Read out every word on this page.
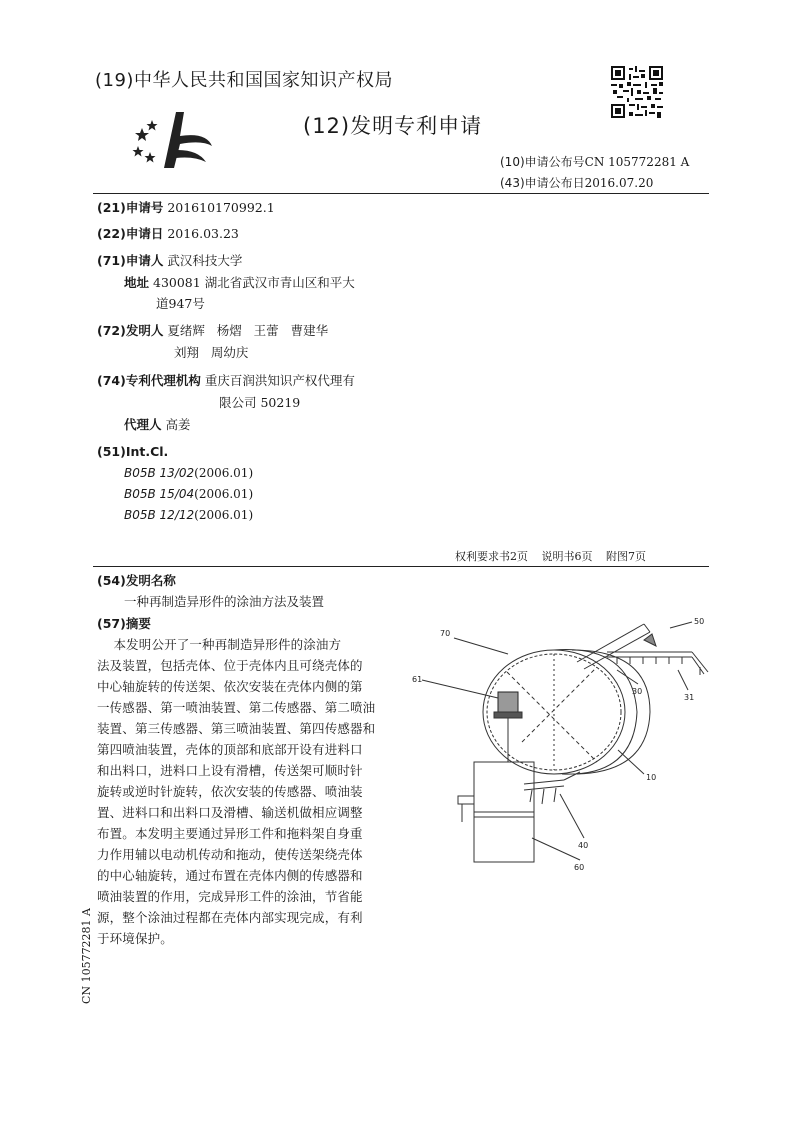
(19)中华人民共和国国家知识产权局
(12)发明专利申请
(10)申请公布号CN 105772281 A
(43)申请公布日2016.07.20
(21)申请号 201610170992.1
(22)申请日 2016.03.23
(71)申请人 武汉科技大学
地址 430081 湖北省武汉市青山区和平大
道947号
(72)发明人 夏绪辉   杨熠   王蕾   曹建华
刘翔   周幼庆
(74)专利代理机构 重庆百润洪知识产权代理有
限公司 50219
代理人 高姜
(51)Int.Cl.
B05B 13/02(2006.01)
B05B 15/04(2006.01)
B05B 12/12(2006.01)
权利要求书2页 说明书6页 附图7页
(54)发明名称
一种再制造异形件的涂油方法及装置
(57)摘要
本发明公开了一种再制造异形件的涂油方
法及装置，包括壳体、位于壳体内且可绕壳体的
中心轴旋转的传送架、依次安装在壳体内侧的第
一传感器、第一喷油装置、第二传感器、第二喷油
装置、第三传感器、第三喷油装置、第四传感器和
第四喷油装置，壳体的顶部和底部开设有进料口
和出料口，进料口上设有滑槽，传送架可顺时针
旋转或逆时针旋转，依次安装的传感器、喷油装
置、进料口和出料口及滑槽、输送机做相应调整
布置。本发明主要通过异形工件和拖料架自身重
力作用辅以电动机传动和拖动，使传送架绕壳体
的中心轴旋转，通过布置在壳体内侧的传感器和
喷油装置的作用，完成异形工件的涂油，节省能
源，整个涂油过程都在壳体内部实现完成，有利
于环境保护。
70
50
61
30
31
10
40
60
CN 105772281 A
